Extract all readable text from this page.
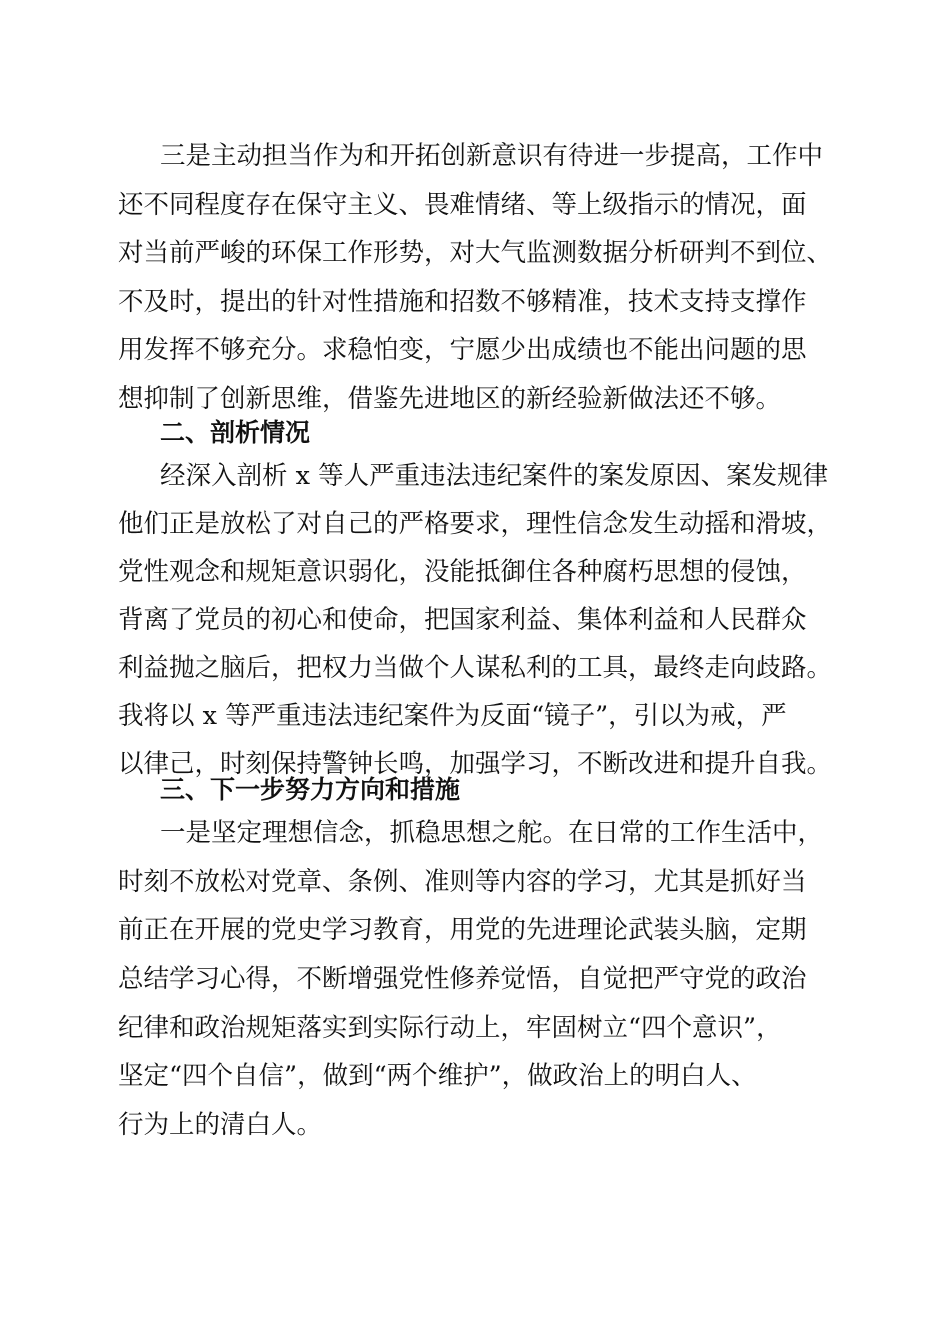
三是主动担当作为和开拓创新意识有待进一步提高，工作中

还不同程度存在保守主义、畏难情绪、等上级指示的情况，面

对当前严峻的环保工作形势，对大气监测数据分析研判不到位、

不及时，提出的针对性措施和招数不够精准，技术支持支撑作

用发挥不够充分。求稳怕变，宁愿少出成绩也不能出问题的思

想抑制了创新思维，借鉴先进地区的新经验新做法还不够。

二、剖析情况

经深入剖析 x 等人严重违法违纪案件的案发原因、案发规律

他们正是放松了对自己的严格要求，理性信念发生动摇和滑坡，

党性观念和规矩意识弱化，没能抵御住各种腐朽思想的侵蚀，

背离了党员的初心和使命，把国家利益、集体利益和人民群众

利益抛之脑后，把权力当做个人谋私利的工具，最终走向歧路。

我将以 x 等严重违法违纪案件为反面“镜子”，引以为戒，严

以律己，时刻保持警钟长鸣，加强学习，不断改进和提升自我。

三、下一步努力方向和措施

一是坚定理想信念，抓稳思想之舵。在日常的工作生活中，

时刻不放松对党章、条例、准则等内容的学习，尤其是抓好当

前正在开展的党史学习教育，用党的先进理论武装头脑，定期

总结学习心得，不断增强党性修养觉悟，自觉把严守党的政治

纪律和政治规矩落实到实际行动上，牢固树立“四个意识”，

坚定“四个自信”，做到“两个维护”，做政治上的明白人、

行为上的清白人。
